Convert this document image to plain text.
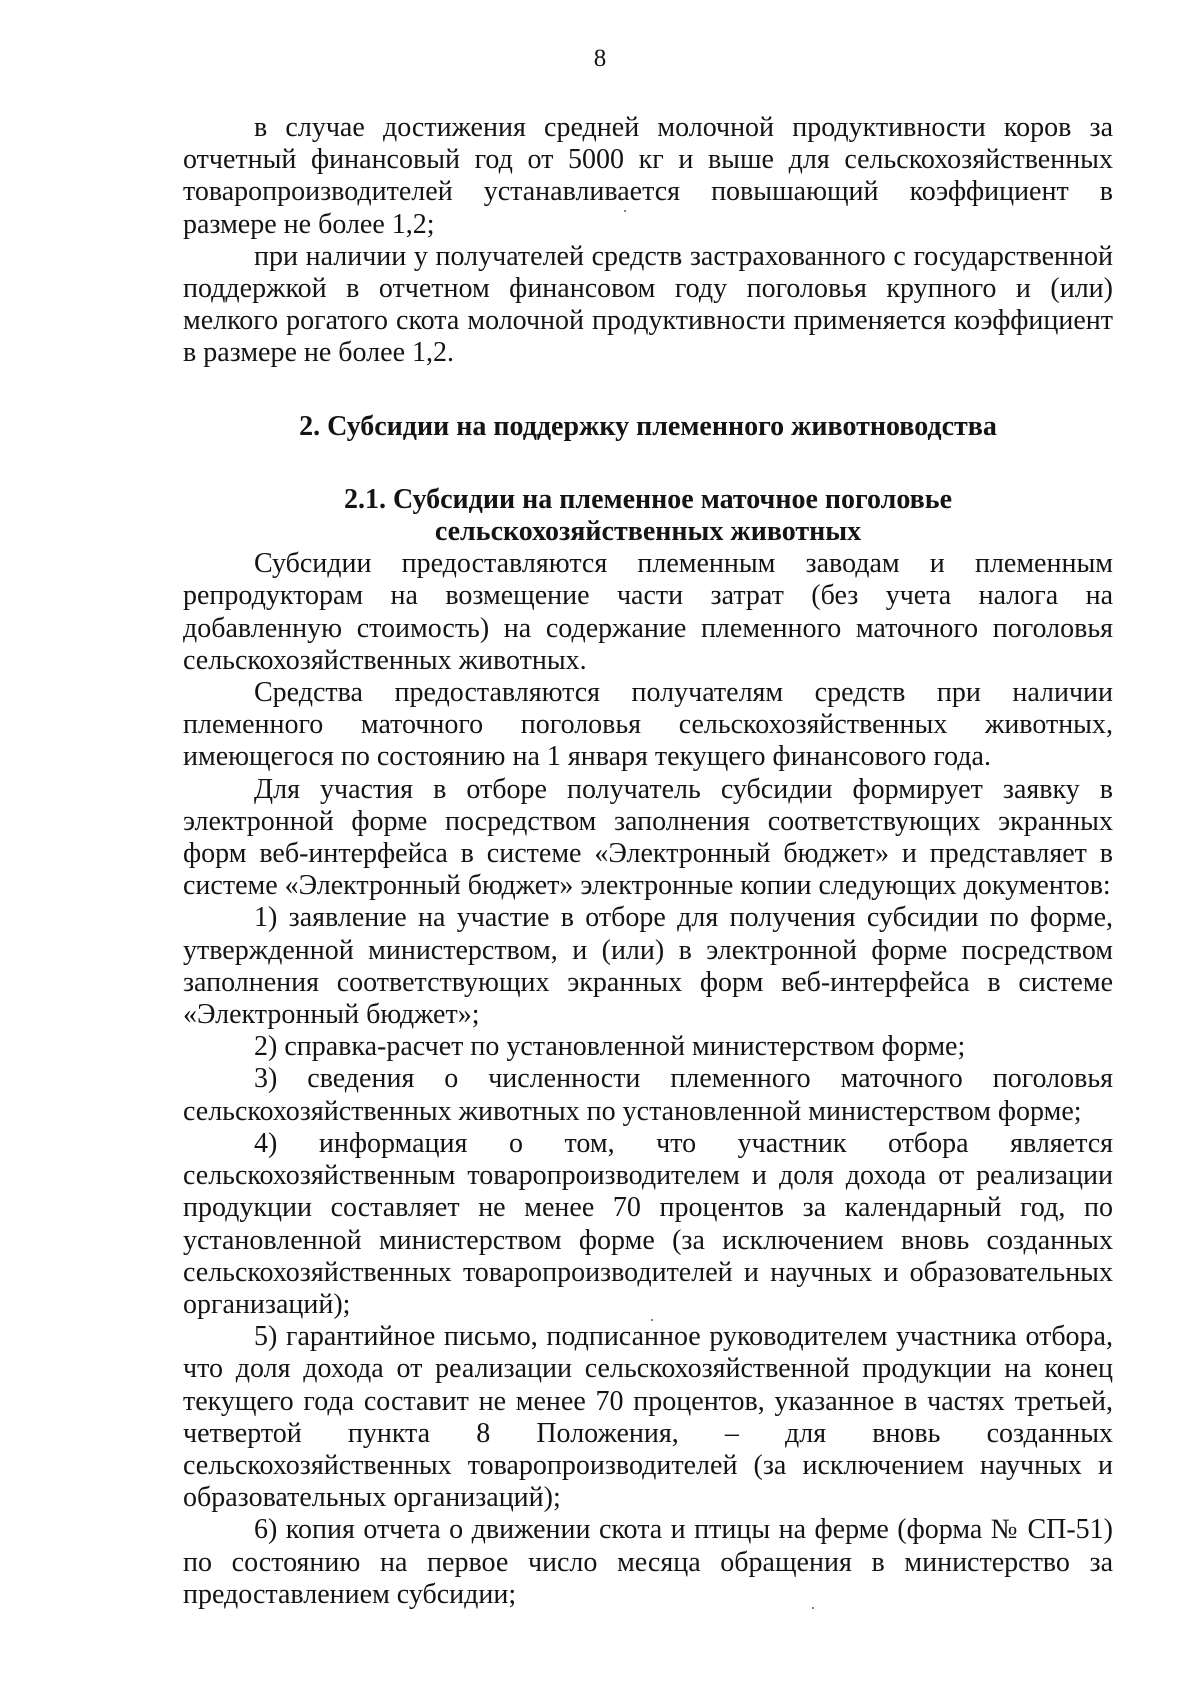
8

в случае достижения средней молочной продуктивности коров за отчетный финансовый год от 5000 кг и выше для сельскохозяйственных товаропроизводителей устанавливается повышающий коэффициент в размере не более 1,2;

при наличии у получателей средств застрахованного с государственной поддержкой в отчетном финансовом году поголовья крупного и (или) мелкого рогатого скота молочной продуктивности применяется коэффициент в размере не более 1,2.

2. Субсидии на поддержку племенного животноводства
2.1. Субсидии на племенное маточное поголовье
сельскохозяйственных животных

Субсидии предоставляются племенным заводам и племенным репродукторам на возмещение части затрат (без учета налога на добавленную стоимость) на содержание племенного маточного поголовья сельскохозяйственных животных.

Средства предоставляются получателям средств при наличии племенного маточного поголовья сельскохозяйственных животных, имеющегося по состоянию на 1 января текущего финансового года.

Для участия в отборе получатель субсидии формирует заявку в электронной форме посредством заполнения соответствующих экранных форм веб-интерфейса в системе «Электронный бюджет» и представляет в системе «Электронный бюджет» электронные копии следующих документов:

1) заявление на участие в отборе для получения субсидии по форме, утвержденной министерством, и (или) в электронной форме посредством заполнения соответствующих экранных форм веб-интерфейса в системе «Электронный бюджет»;

2) справка-расчет по установленной министерством форме;

3) сведения о численности племенного маточного поголовья сельскохозяйственных животных по установленной министерством форме;

4) информация о том, что участник отбора является сельскохозяйственным товаропроизводителем и доля дохода от реализации продукции составляет не менее 70 процентов за календарный год, по установленной министерством форме (за исключением вновь созданных сельскохозяйственных товаропроизводителей и научных и образовательных организаций);

5) гарантийное письмо, подписанное руководителем участника отбора, что доля дохода от реализации сельскохозяйственной продукции на конец текущего года составит не менее 70 процентов, указанное в частях третьей, четвертой пункта 8 Положения, – для вновь созданных сельскохозяйственных товаропроизводителей (за исключением научных и образовательных организаций);

6) копия отчета о движении скота и птицы на ферме (форма № СП-51) по состоянию на первое число месяца обращения в министерство за предоставлением субсидии;
